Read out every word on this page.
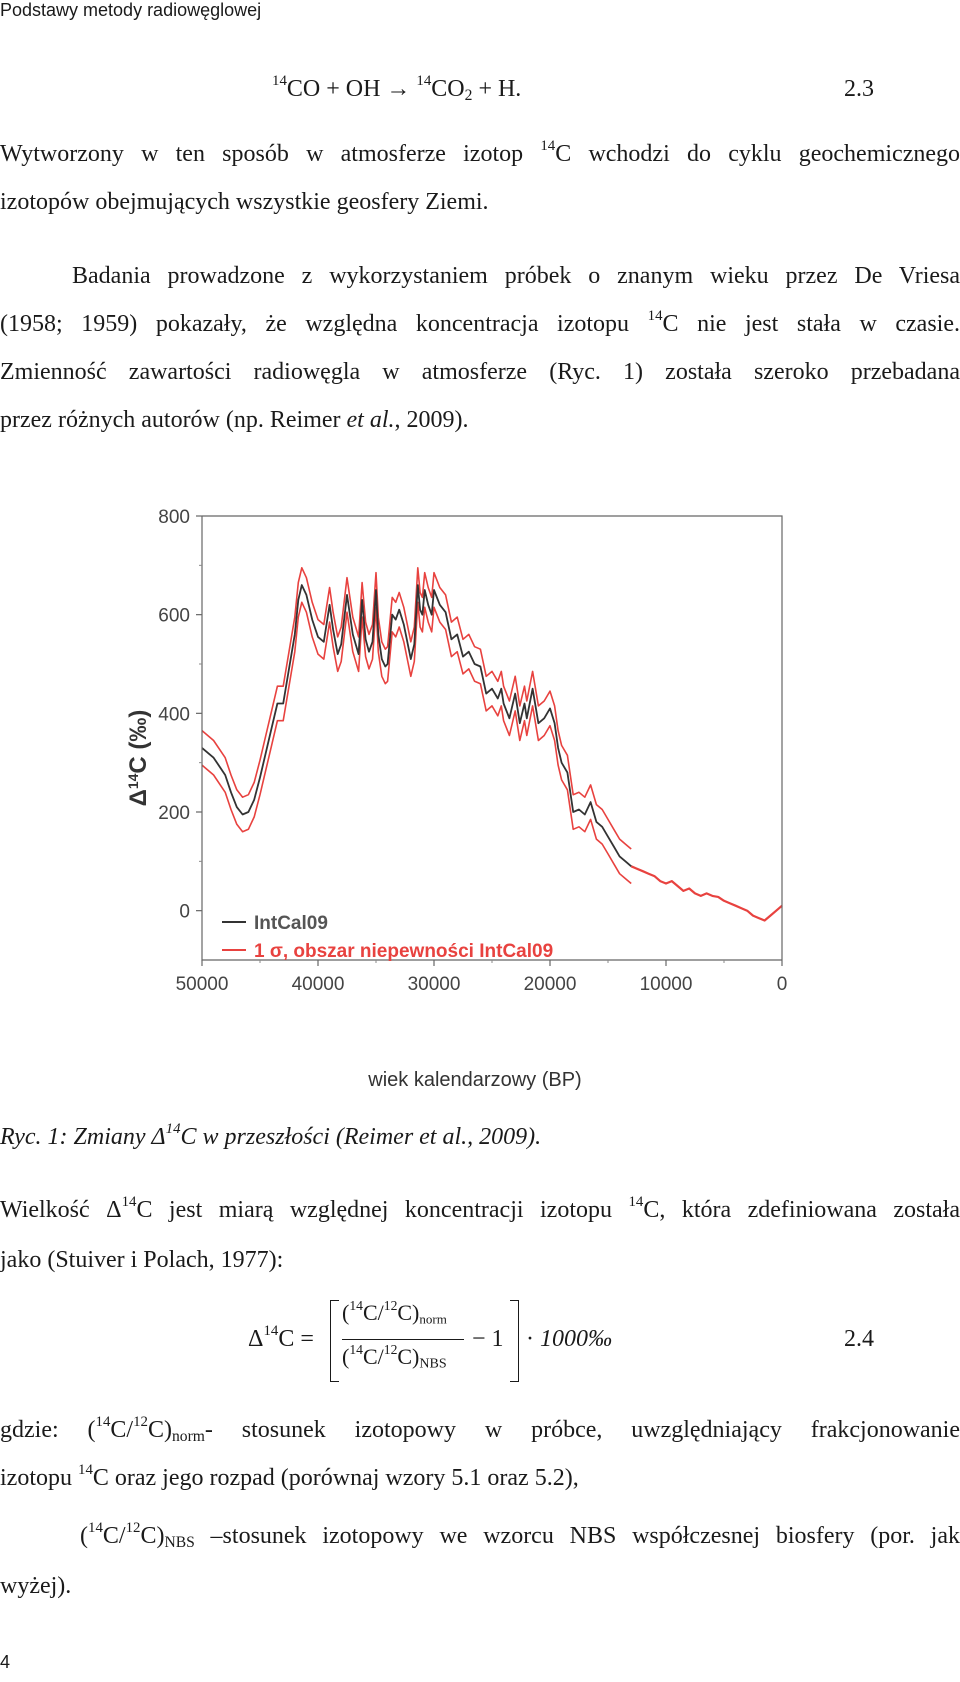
Podstawy metody radiowęglowej
$^{14}$CO + OH → $^{14}CO_2 + H$.	2.3
Wytworzony w ten sposób w atmosferze izotop $^{14}$C wchodzi do cyklu geochemicznego
izotopów obejmujących wszystkie geosfery Ziemi.
Badania prowadzone z wykorzystaniem próbek o znanym wieku przez De Vriesa
(1958; 1959) pokazały, że względna koncentracja izotopu $^{14}$C nie jest stała w czasie.
Zmienność zawartości radiowęgla w atmosferze (Ryc. 1) została szeroko przebadana
przez różnych autorów (np. Reimer et al., 2009).
0
200
400
600
800
50000	40000	30000	20000	10000	0
IntCal09
1 σ, obszar niepewności IntCal09
$\Delta^{14}C$ (‰)
wiek kalendarzowy (BP)
Ryc. 1: Zmiany $\Delta^{14}C$ w przeszłości (Reimer et al., 2009).
Wielkość $\Delta^{14}C$ jest miarą względnej koncentracji izotopu $^{14}$C, która zdefiniowana została
jako (Stuiver i Polach, 1977):
$\Delta^{14}C$ =
$(^{14}C/^{12}C)_{norm}$
$(^{14}C/^{12}C)_{NBS}$
− 1 · 1000‰	2.4
gdzie: $(^{14}C/^{12}C)_{norm}-$ stosunek izotopowy w próbce, uwzględniający frakcjonowanie
izotopu $^{14}$C oraz jego rozpad (porównaj wzory 5.1 oraz 5.2),
$(^{14}C/^{12}C)_{NBS}$ –stosunek izotopowy we wzorcu NBS współczesnej biosfery (por. jak
wyżej).
4
